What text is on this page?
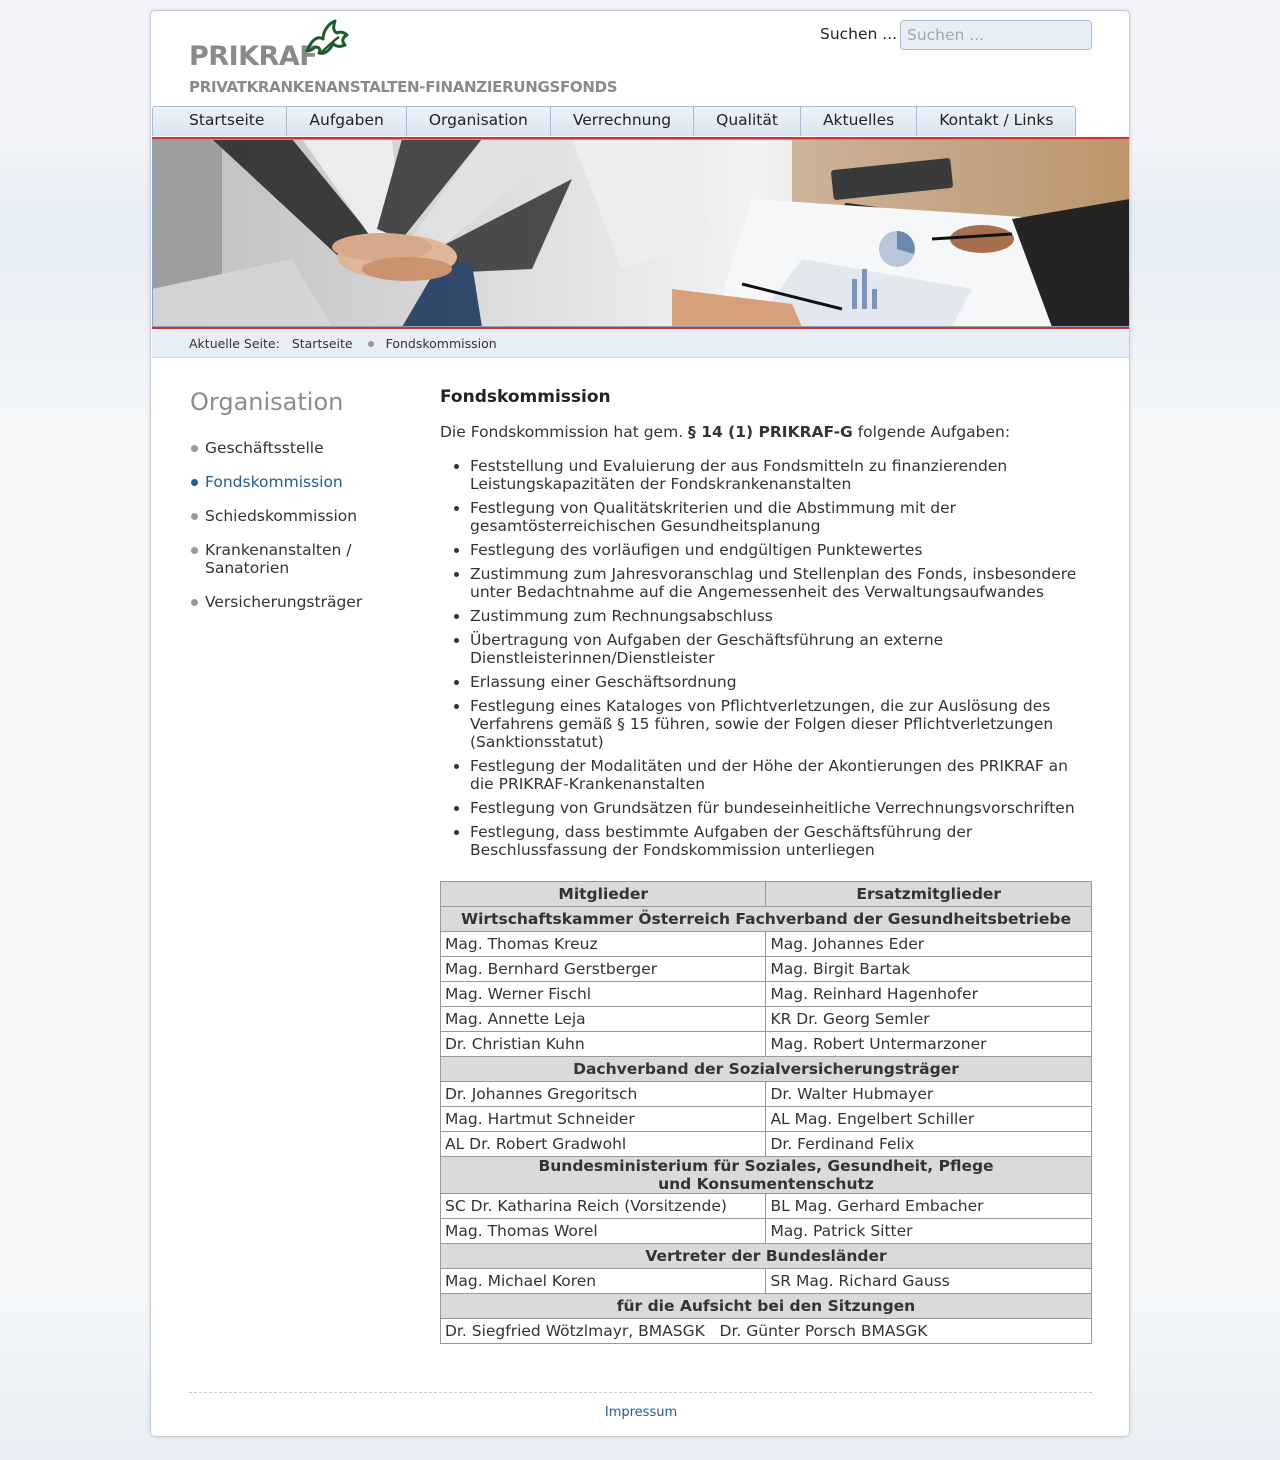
PRIKRAF
PRIVATKRANKENANSTALTEN-FINANZIERUNGSFONDS
Suchen ...
Suchen ...
Startseite	Aufgaben	Organisation	Verrechnung	Qualität	Aktuelles	Kontakt / Links
Aktuelle Seite: Startseite	Fondskommission
Organisation
Geschäftsstelle
Fondskommission
Schiedskommission
Krankenanstalten / Sanatorien
Versicherungsträger
Fondskommission

Die Fondskommission hat gem. § 14 (1) PRIKRAF-G folgende Aufgaben:

• Feststellung und Evaluierung der aus Fondsmitteln zu finanzierenden Leistungskapazitäten der Fondskrankenanstalten
• Festlegung von Qualitätskriterien und die Abstimmung mit der gesamtösterreichischen Gesundheitsplanung
• Festlegung des vorläufigen und endgültigen Punktewertes
• Zustimmung zum Jahresvoranschlag und Stellenplan des Fonds, insbesondere unter Bedachtnahme auf die Angemessenheit des Verwaltungsaufwandes
• Zustimmung zum Rechnungsabschluss
• Übertragung von Aufgaben der Geschäftsführung an externe Dienstleisterinnen/Dienstleister
• Erlassung einer Geschäftsordnung
• Festlegung eines Kataloges von Pflichtverletzungen, die zur Auslösung des Verfahrens gemäß § 15 führen, sowie der Folgen dieser Pflichtverletzungen (Sanktionsstatut)
• Festlegung der Modalitäten und der Höhe der Akontierungen des PRIKRAF an die PRIKRAF-Krankenanstalten
• Festlegung von Grundsätzen für bundeseinheitliche Verrechnungsvorschriften
• Festlegung, dass bestimmte Aufgaben der Geschäftsführung der Beschlussfassung der Fondskommission unterliegen
Mitglieder	Ersatzmitglieder
Wirtschaftskammer Österreich Fachverband der Gesundheitsbetriebe	
Mag. Thomas Kreuz	Mag. Johannes Eder
Mag. Bernhard Gerstberger	Mag. Birgit Bartak
Mag. Werner Fischl	Mag. Reinhard Hagenhofer
Mag. Annette Leja	KR Dr. Georg Semler
Dr. Christian Kuhn	Mag. Robert Untermarzoner
Dachverband der Sozialversicherungsträger	
Dr. Johannes Gregoritsch	Dr. Walter Hubmayer
Mag. Hartmut Schneider	AL Mag. Engelbert Schiller
AL Dr. Robert Gradwohl	Dr. Ferdinand Felix
Bundesministerium für Soziales, Gesundheit, Pflege und Konsumentenschutz	
SC Dr. Katharina Reich (Vorsitzende)	BL Mag. Gerhard Embacher
Mag. Thomas Worel	Mag. Patrick Sitter
Vertreter der Bundesländer	
Mag. Michael Koren	SR Mag. Richard Gauss
für die Aufsicht bei den Sitzungen	
Dr. Siegfried Wötzlmayr, BMASGK   Dr. Günter Porsch BMASGK	
Impressum
